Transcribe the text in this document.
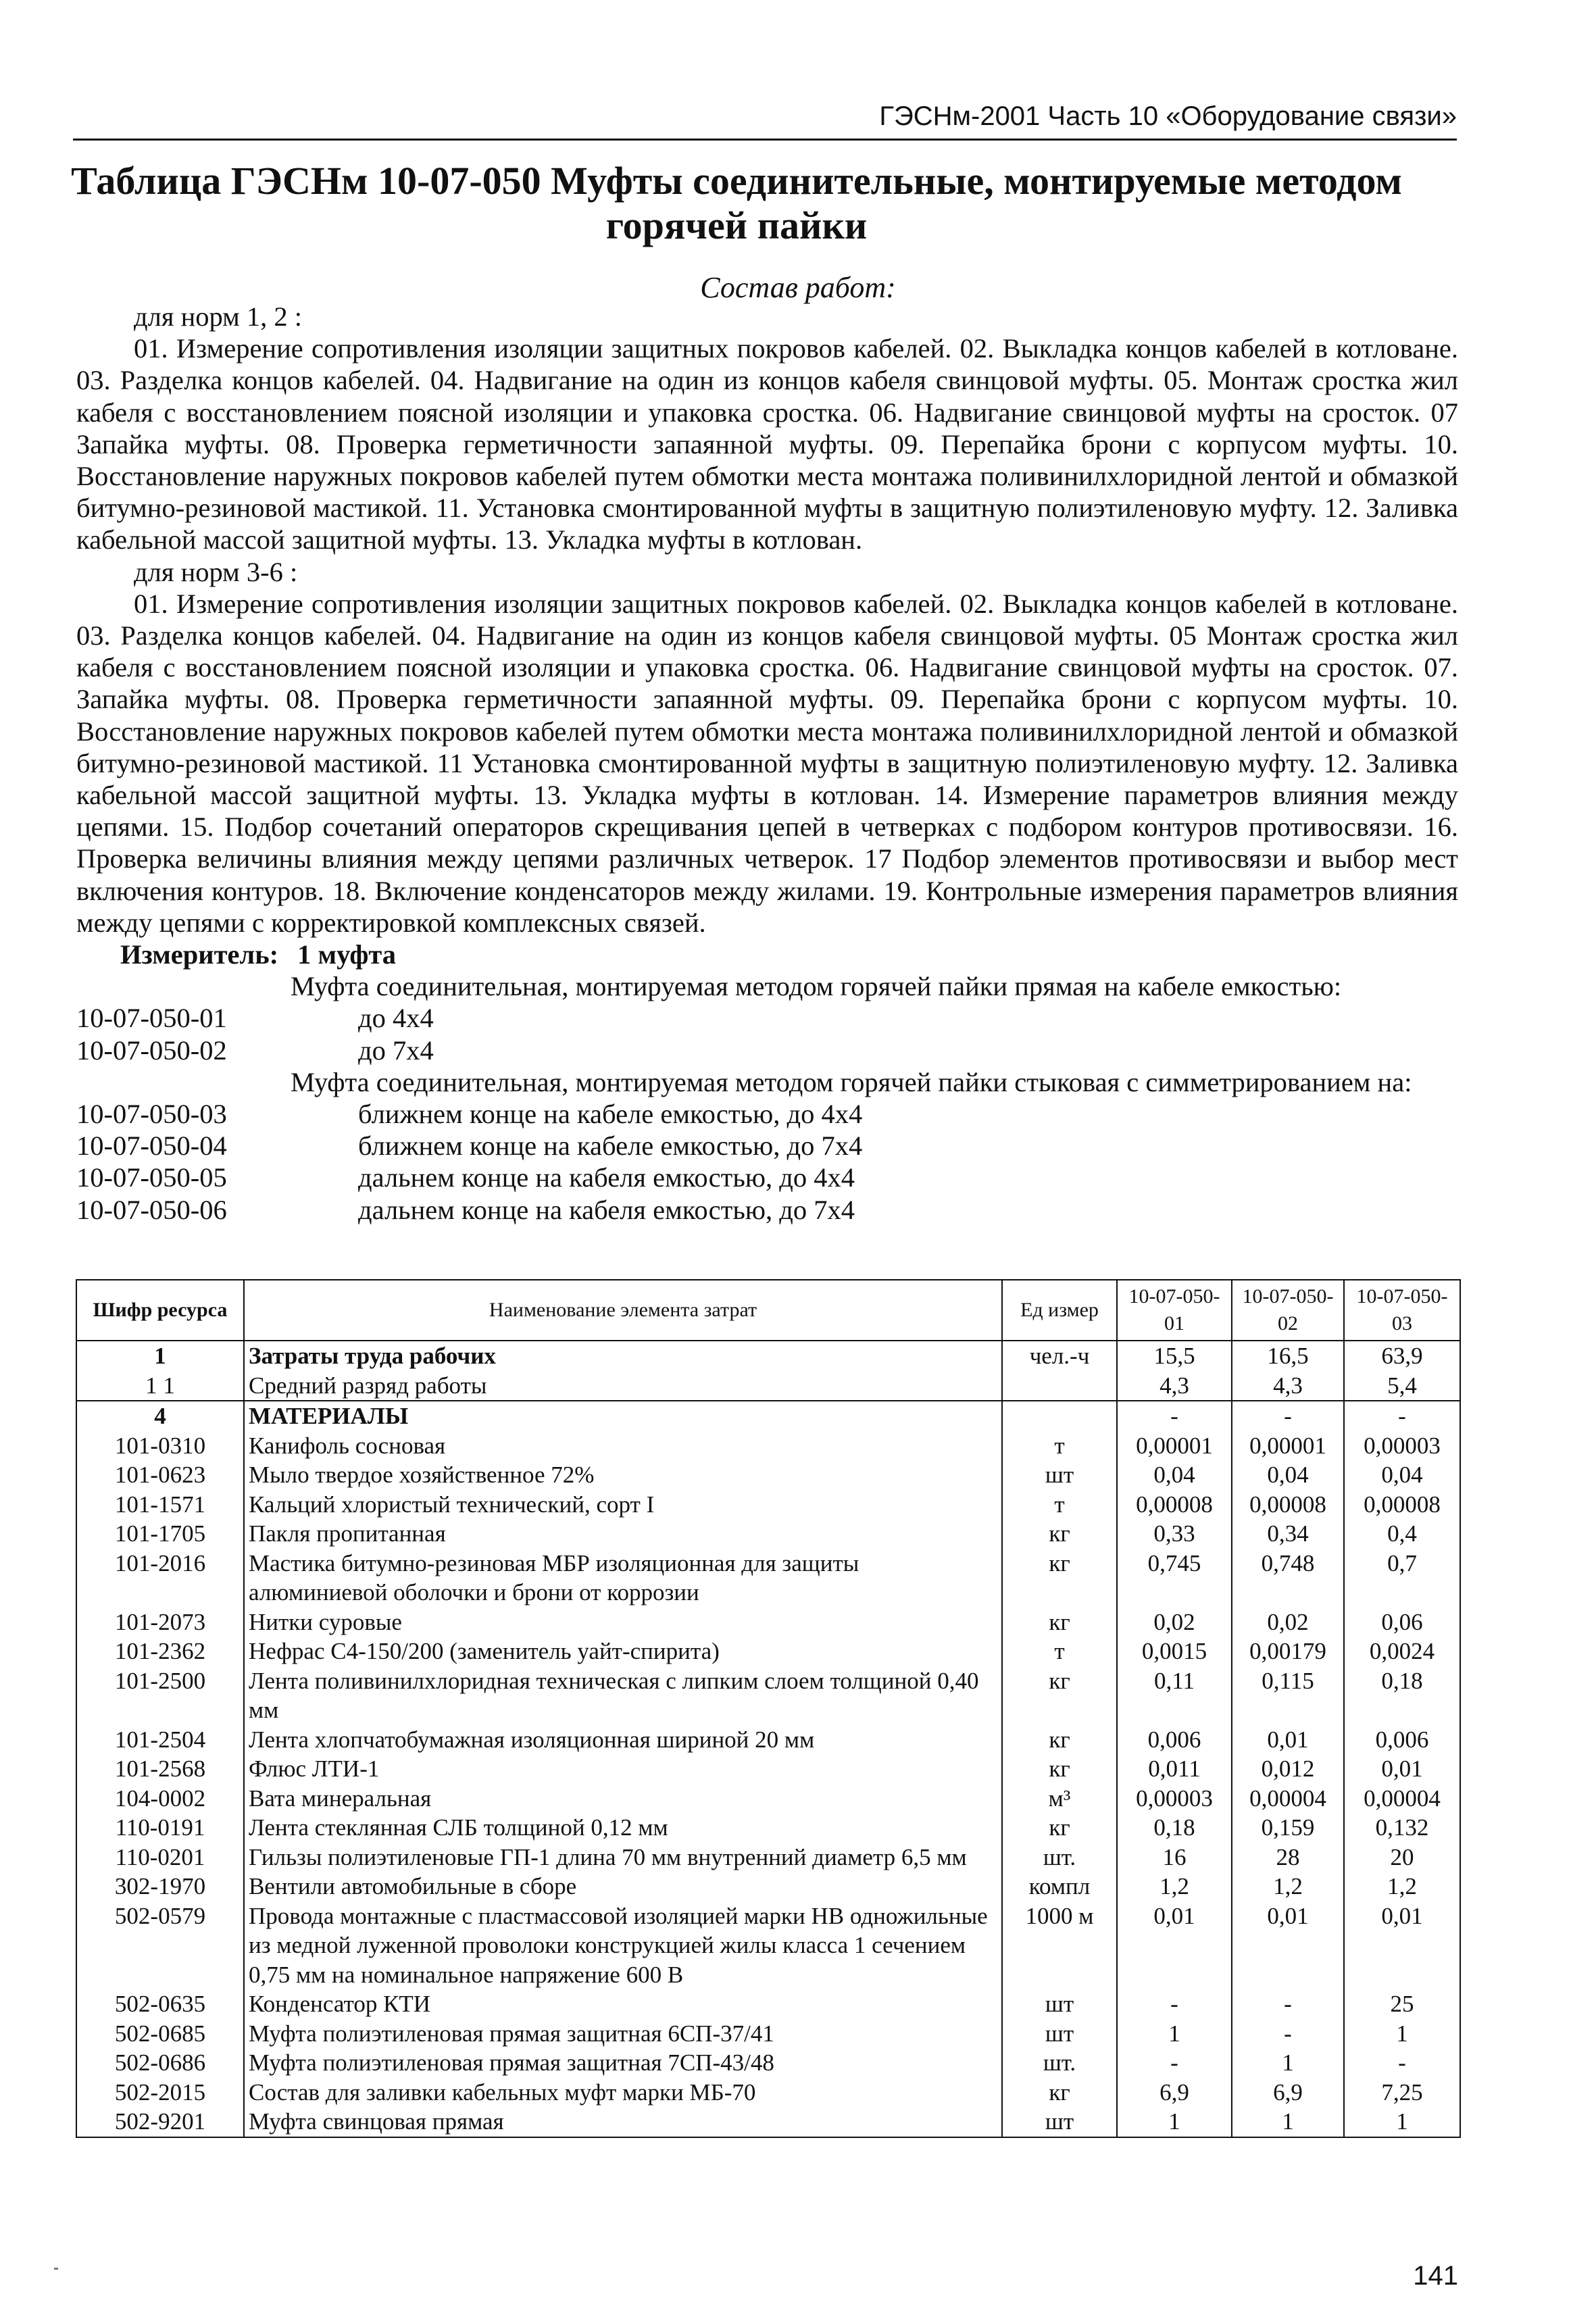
ГЭСНм-2001 Часть 10 «Оборудование связи»
Таблица ГЭСНм 10-07-050 Муфты соединительные, монтируемые методом горячей пайки
Состав работ:
для норм 1, 2 :
01. Измерение сопротивления изоляции защитных покровов кабелей. 02. Выкладка концов кабелей в котловане. 03. Разделка концов кабелей. 04. Надвигание на один из концов кабеля свинцовой муфты. 05. Монтаж сростка жил кабеля с восстановлением поясной изоляции и упаковка сростка. 06. Надвигание свинцовой муфты на сросток. 07 Запайка муфты. 08. Проверка герметичности запаянной муфты. 09. Перепайка брони с корпусом муфты. 10. Восстановление наружных покровов кабелей путем обмотки места монтажа поливинилхлоридной лентой и обмазкой битумно-резиновой мастикой. 11. Установка смонтированной муфты в защитную полиэтиленовую муфту. 12. Заливка кабельной массой защитной муфты. 13. Укладка муфты в котлован.
для норм 3-6 :
01. Измерение сопротивления изоляции защитных покровов кабелей. 02. Выкладка концов кабелей в котловане. 03. Разделка концов кабелей. 04. Надвигание на один из концов кабеля свинцовой муфты. 05 Монтаж сростка жил кабеля с восстановлением поясной изоляции и упаковка сростка. 06. Надвигание свинцовой муфты на сросток. 07. Запайка муфты. 08. Проверка герметичности запаянной муфты. 09. Перепайка брони с корпусом муфты. 10. Восстановление наружных покровов кабелей путем обмотки места монтажа поливинилхлоридной лентой и обмазкой битумно-резиновой мастикой. 11 Установка смонтированной муфты в защитную полиэтиленовую муфту. 12. Заливка кабельной массой защитной муфты. 13. Укладка муфты в котлован. 14. Измерение параметров влияния между цепями. 15. Подбор сочетаний операторов скрещивания цепей в четверках с подбором контуров противосвязи. 16. Проверка величины влияния между цепями различных четверок. 17 Подбор элементов противосвязи и выбор мест включения контуров. 18. Включение конденсаторов между жилами. 19. Контрольные измерения параметров влияния между цепями с корректировкой комплексных связей.
Измеритель: 1 муфта
	Муфта соединительная, монтируемая методом горячей пайки прямая на кабеле емкостью:
10-07-050-01	до 4х4
10-07-050-02	до 7х4
	Муфта соединительная, монтируемая методом горячей пайки стыковая с симметрированием на:
10-07-050-03	ближнем конце на кабеле емкостью, до 4х4
10-07-050-04	ближнем конце на кабеле емкостью, до 7х4
10-07-050-05	дальнем конце на кабеля емкостью, до 4х4
10-07-050-06	дальнем конце на кабеля емкостью, до 7х4
Шифр ресурса	Наименование элемента затрат	Ед измер	10-07-050-01	10-07-050-02	10-07-050-03
1	Затраты труда рабочих	чел.-ч	15,5	16,5	63,9
1 1	Средний разряд работы		4,3	4,3	5,4
4	МАТЕРИАЛЫ		-	-	-
101-0310	Канифоль сосновая	т	0,00001	0,00001	0,00003
101-0623	Мыло твердое хозяйственное 72%	шт	0,04	0,04	0,04
101-1571	Кальций хлористый технический, сорт I	т	0,00008	0,00008	0,00008
101-1705	Пакля пропитанная	кг	0,33	0,34	0,4
101-2016	Мастика битумно-резиновая МБР изоляционная для защиты алюминиевой оболочки и брони от коррозии	кг	0,745	0,748	0,7
101-2073	Нитки суровые	кг	0,02	0,02	0,06
101-2362	Нефрас С4-150/200 (заменитель уайт-спирита)	т	0,0015	0,00179	0,0024
101-2500	Лента поливинилхлоридная техническая с липким слоем толщиной 0,40 мм	кг	0,11	0,115	0,18
101-2504	Лента хлопчатобумажная изоляционная шириной 20 мм	кг	0,006	0,01	0,006
101-2568	Флюс ЛТИ-1	кг	0,011	0,012	0,01
104-0002	Вата минеральная	м³	0,00003	0,00004	0,00004
110-0191	Лента стеклянная СЛБ толщиной 0,12 мм	кг	0,18	0,159	0,132
110-0201	Гильзы полиэтиленовые ГП-1 длина 70 мм внутренний диаметр 6,5 мм	шт.	16	28	20
302-1970	Вентили автомобильные в сборе	компл	1,2	1,2	1,2
502-0579	Провода монтажные с пластмассовой изоляцией марки НВ одножильные из медной луженной проволоки конструкцией жилы класса 1 сечением 0,75 мм на номинальное напряжение 600 В	1000 м	0,01	0,01	0,01
502-0635	Конденсатор КТИ	шт	-	-	25
502-0685	Муфта полиэтиленовая прямая защитная 6СП-37/41	шт	1	-	1
502-0686	Муфта полиэтиленовая прямая защитная 7СП-43/48	шт.	-	1	-
502-2015	Состав для заливки кабельных муфт марки МБ-70	кг	6,9	6,9	7,25
502-9201	Муфта свинцовая прямая	шт	1	1	1
141
